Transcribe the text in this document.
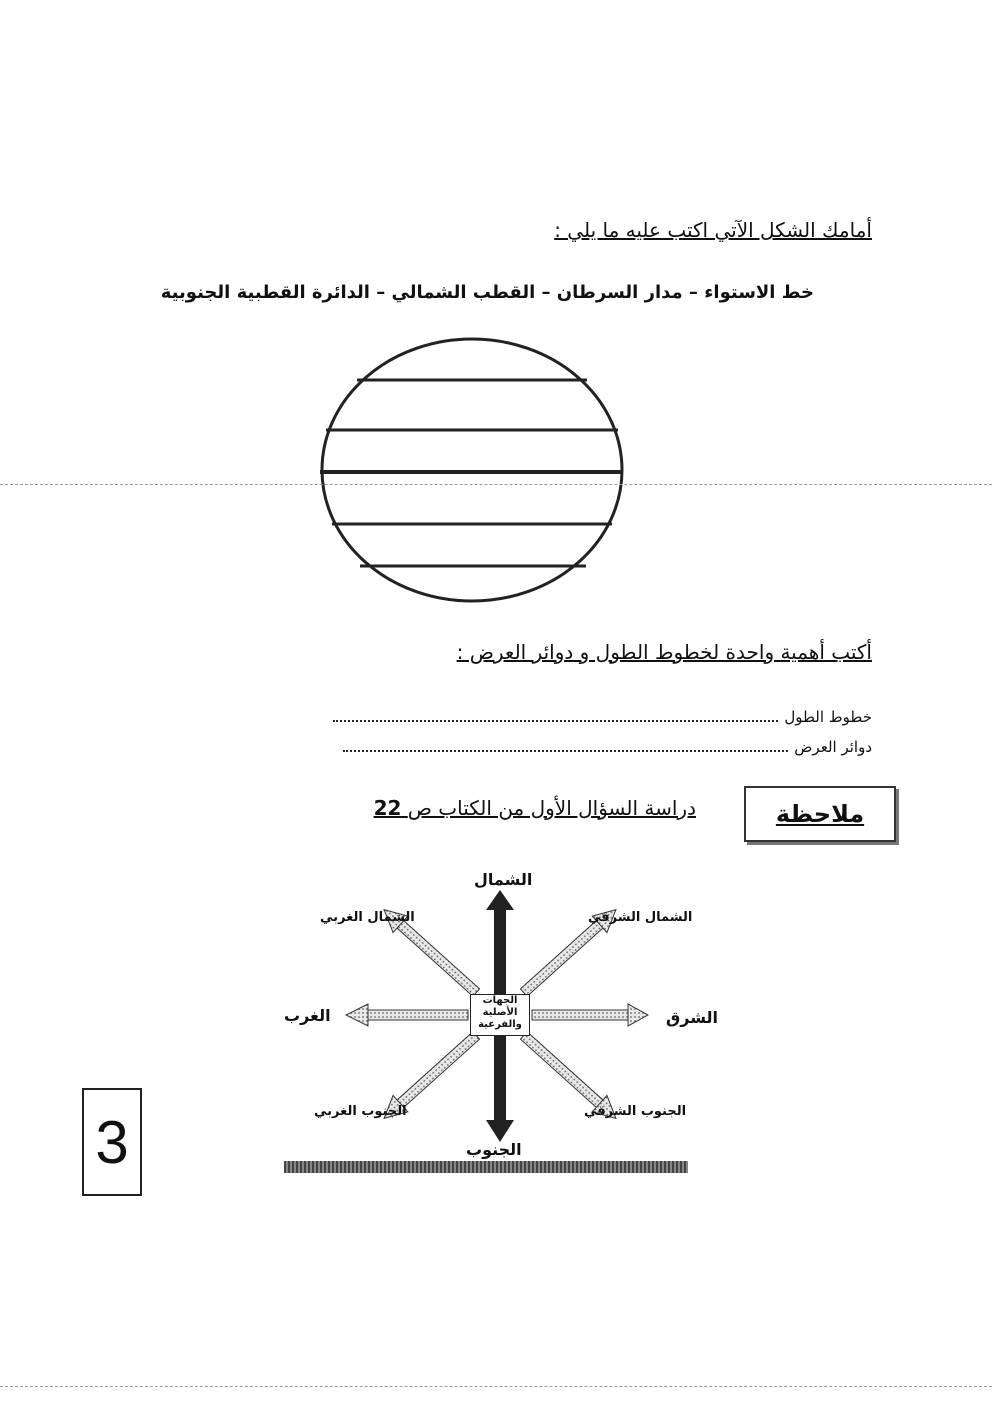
أمامك الشكل الآتي اكتب عليه ما يلي :
خط الاستواء – مدار السرطان – القطب الشمالي – الدائرة القطبية الجنوبية
أكتب أهمية واحدة لخطوط الطول و دوائر العرض :
خطوط الطول
دوائر العرض
ملاحظة
دراسة السؤال الأول من الكتاب ص 22
الجهات
الأصلية
والفرعية
الشمال
الجنوب
الشرق
الغرب
الشمال الشرقي
الشمال الغربي
الجنوب الشرقي
الجنوب الغربي
3
